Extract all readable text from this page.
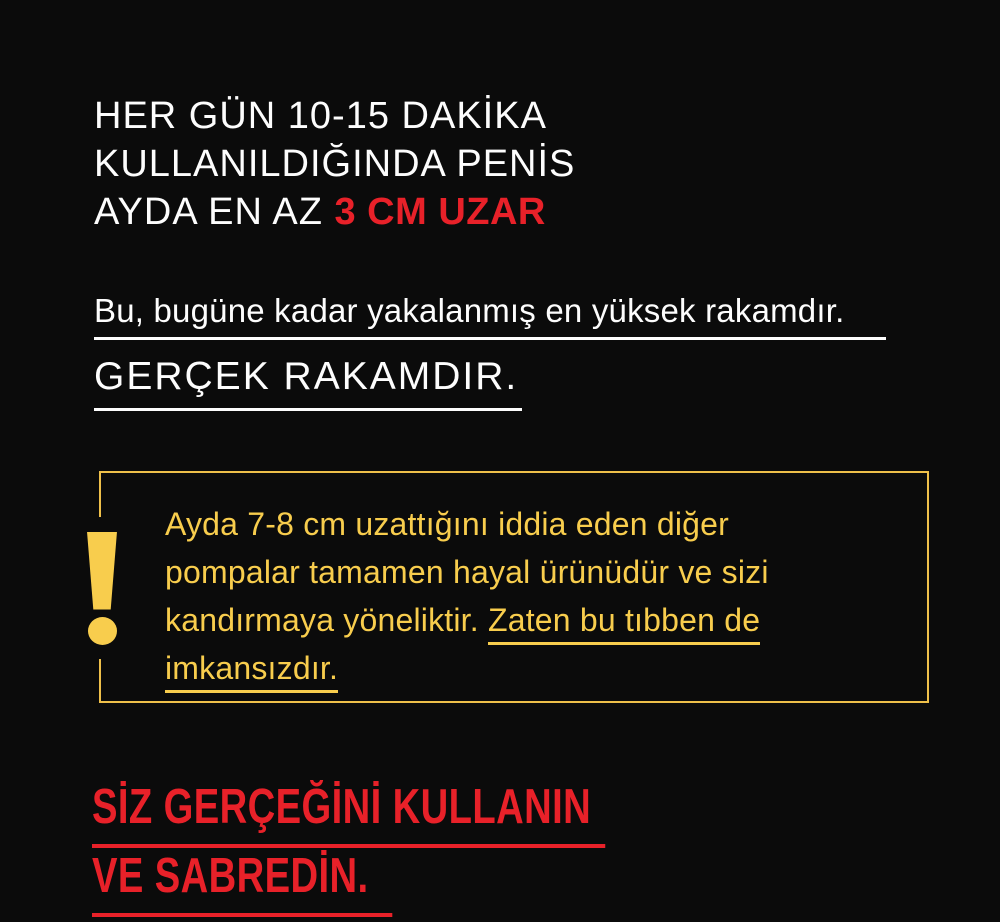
HER GÜN 10-15 DAKİKA
KULLANILDIĞINDA PENİS
AYDA EN AZ 3 CM UZAR
Bu, bugüne kadar yakalanmış en yüksek rakamdır.
GERÇEK RAKAMDIR.
Ayda 7-8 cm uzattığını iddia eden diğer
pompalar tamamen hayal ürünüdür ve sizi
kandırmaya yöneliktir. Zaten bu tıbben de
imkansızdır.
SİZ GERÇEĞİNİ KULLANIN
VE SABREDİN.
